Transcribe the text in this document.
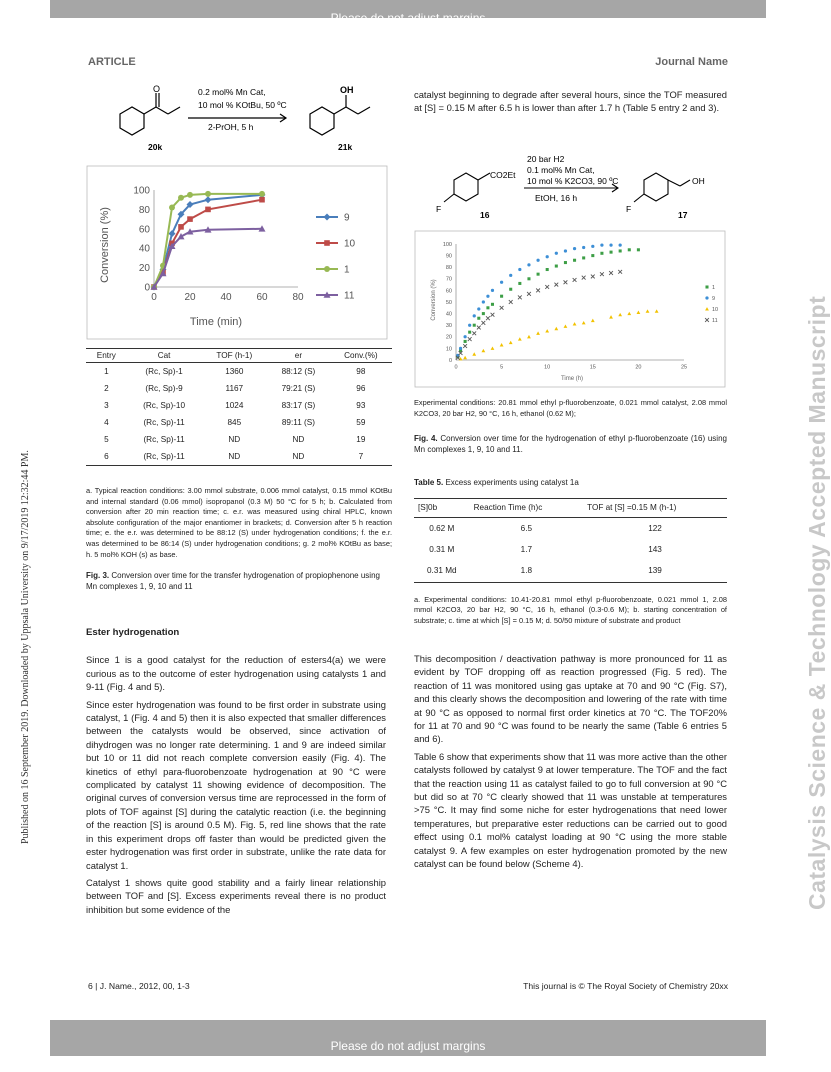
Please do not adjust margins
ARTICLE	Journal Name
Published on 16 September 2019. Downloaded by Uppsala University on 9/17/2019 12:32:44 PM.	Catalysis Science & Technology Accepted Manuscript
O	OH
0.2 mol% Mn Cat,
10 mol % KOtBu, 50 ºC
2-PrOH, 5 h
20k	21k
0	20 40 60 80
0
20
40
60
80
100
9
10
1
11
Time (min)
Conversion (%)
Entry	Cat	TOF (h-1)	er	Conv.(%)
1	(Rc, Sp)-1	1360	88:12 (S)	98
2	(Rc, Sp)-9	1167	79:21 (S)	96
3	(Rc, Sp)-10	1024	83:17 (S)	93
4	(Rc, Sp)-11	845	89:11 (S)	59
5	(Rc, Sp)-11	ND	ND	19
6	(Rc, Sp)-11	ND	ND	7
a. Typical reaction conditions: 3.00 mmol substrate, 0.006 mmol catalyst, 0.15 mmol KOtBu and internal standard (0.06 mmol) isopropanol (0.3 M) 50 °C for 5 h; b. Calculated from conversion after 20 min reaction time; c. e.r. was measured using chiral HPLC, known absolute configuration of the major enantiomer in brackets; d. Conversion after 5 h reaction time; e. the e.r. was determined to be 88:12 (S) under hydrogenation conditions; f. the e.r. was determined to be 86:14 (S) under hydrogenation conditions; g. 2 mol% KOtBu as base; h. 5 mol% KOH (s) as base.
Fig. 3. Conversion over time for the transfer hydrogenation of propiophenone using Mn complexes 1, 9, 10 and 11
Ester hydrogenation

Since 1 is a good catalyst for the reduction of esters4(a) we were curious as to the outcome of ester hydrogenation using catalysts 1 and 9-11 (Fig. 4 and 5).

Since ester hydrogenation was found to be first order in substrate using catalyst, 1 (Fig. 4 and 5) then it is also expected that smaller differences between the catalysts would be observed, since activation of dihydrogen was no longer rate determining. 1 and 9 are indeed similar but 10 or 11 did not reach complete conversion easily (Fig. 4). The kinetics of ethyl para-fluorobenzoate hydrogenation at 90 °C were complicated by catalyst 11 showing evidence of decomposition. The original curves of conversion versus time are reprocessed in the form of plots of TOF against [S] during the catalytic reaction (i.e. the beginning of the reaction [S] is around 0.5 M). Fig. 5, red line shows that the rate in this experiment drops off faster than would be predicted given the ester hydrogenation was first order in substrate, unlike the rate data for catalyst 1.

Catalyst 1 shows quite good stability and a fairly linear relationship between TOF and [S]. Excess experiments reveal there is no product inhibition but some evidence of the

catalyst beginning to degrade after several hours, since the TOF measured at [S] = 0.15 M after 6.5 h is lower than after 1.7 h (Table 5 entry 2 and 3).

CO2Et
F	F
OH
20 bar H2
0.1 mol% Mn Cat,
10 mol % K2CO3, 90 ºC
EtOH, 16 h
16	17
0	5	10	15	20	25
0
10
20
30
40
50
60
70
80
90
100
1
9
10
11
Time (h)
Conversion (%)
Experimental conditions: 20.81 mmol ethyl p-fluorobenzoate, 0.021 mmol catalyst, 2.08 mmol K2CO3, 20 bar H2, 90 °C, 16 h, ethanol (0.62 M);
Fig. 4. Conversion over time for the hydrogenation of ethyl p-fluorobenzoate (16) using Mn complexes 1, 9, 10 and 11.
Table 5. Excess experiments using catalyst 1a
[S]0b	Reaction Time (h)c	TOF at [S] =0.15 M (h-1)
0.62 M	6.5	122
0.31 M	1.7	143
0.31 Md	1.8	139
a. Experimental conditions: 10.41-20.81 mmol ethyl p-fluorobenzoate, 0.021 mmol 1, 2.08 mmol K2CO3, 20 bar H2, 90 °C, 16 h, ethanol (0.3-0.6 M); b. starting concentration of substrate; c. time at which [S] = 0.15 M; d. 50/50 mixture of substrate and product

This decomposition / deactivation pathway is more pronounced for 11 as evident by TOF dropping off as reaction progressed (Fig. 5 red). The reaction of 11 was monitored using gas uptake at 70 and 90 °C (Fig. S7), and this clearly shows the decomposition and lowering of the rate with time at 90 °C as opposed to normal first order kinetics at 70 °C. The TOF20% for 11 at 70 and 90 °C was found to be nearly the same (Table 6 entries 5 and 6).

Table 6 show that experiments show that 11 was more active than the other catalysts followed by catalyst 9 at lower temperature. The TOF and the fact that the reaction using 11 as catalyst failed to go to full conversion at 90 °C but did so at 70 °C clearly showed that 11 was unstable at temperatures >75 °C. It may find some niche for ester hydrogenations that need lower temperatures, but preparative ester reductions can be carried out to good effect using 0.1 mol% catalyst loading at 90 °C using the more stable catalyst 9. A few examples on ester hydrogenation promoted by the new catalyst can be found below (Scheme 4).

6 | J. Name., 2012, 00, 1-3	This journal is © The Royal Society of Chemistry 20xx
Please do not adjust margins
